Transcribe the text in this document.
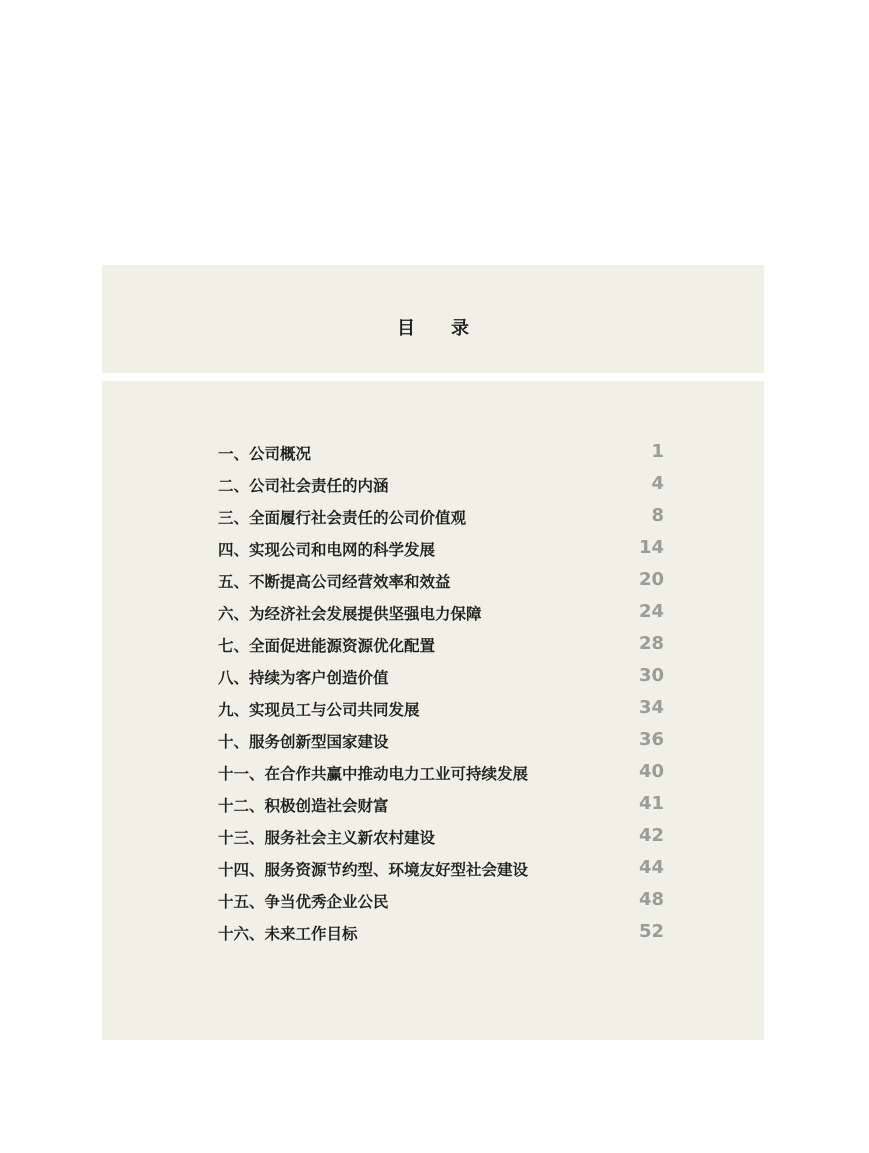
目录
一、公司概况	1
二、公司社会责任的内涵	4
三、全面履行社会责任的公司价值观	8
四、实现公司和电网的科学发展	14
五、不断提高公司经营效率和效益	20
六、为经济社会发展提供坚强电力保障	24
七、全面促进能源资源优化配置	28
八、持续为客户创造价值	30
九、实现员工与公司共同发展	34
十、服务创新型国家建设	36
十一、在合作共赢中推动电力工业可持续发展	40
十二、积极创造社会财富	41
十三、服务社会主义新农村建设	42
十四、服务资源节约型、环境友好型社会建设	44
十五、争当优秀企业公民	48
十六、未来工作目标	52
